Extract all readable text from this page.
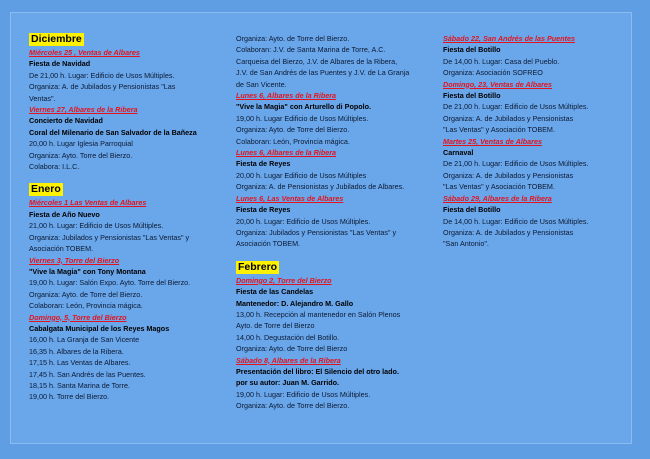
Diciembre
Miércoles 25 , Ventas de Albares
Fiesta de Navidad
De 21,00 h. Lugar: Edificio de Usos Múltiples.
Organiza: A. de Jubilados y Pensionistas "Las
Ventas".
Viernes 27, Albares de la Ribera
Concierto de Navidad
Coral del Milenario de San Salvador de la Bañeza
20,00 h. Lugar Iglesia Parroquial
Organiza: Ayto. Torre del Bierzo.
Colabora: I.L.C.
Enero
Miércoles 1 Las Ventas de Albares
Fiesta de Año Nuevo
21,00 h. Lugar: Edificio de Usos Múltiples.
Organiza: Jubilados y Pensionistas "Las Ventas" y
Asociación TOBEM.
Viernes 3, Torre del Bierzo
"Vive la Magia" con Tony Montana
19,00 h. Lugar: Salón Expo. Ayto. Torre del Bierzo.
Organiza: Ayto. de Torre del Bierzo.
Colaboran: León, Provincia mágica.
Domingo, 5, Torre del Bierzo
Cabalgata Municipal de los Reyes Magos
16,00 h. La Granja de San Vicente
16,35 h. Albares de la Ribera.
17,15 h. Las Ventas de Albares.
17,45 h. San Andrés de las Puentes.
18,15 h. Santa Marina de Torre.
19,00 h. Torre del Bierzo.
Organiza: Ayto. de Torre del Bierzo.
Colaboran: J.V. de Santa Marina de Torre, A.C.
Carqueisa del Bierzo, J.V. de Albares de la Ribera,
J.V. de San Andrés de las Puentes y J.V. de La Granja
de San Vicente.
Lunes 6, Albares de la Ribera
"Vive la Magia" con Arturello di Popolo.
19,00 h. Lugar Edificio de Usos Múltiples.
Organiza: Ayto. de Torre del Bierzo.
Colaboran: León, Provincia mágica.
Lunes 6, Albares de la Ribera
Fiesta de Reyes
20,00 h. Lugar Edificio de Usos Múltiples
Organiza: A. de Pensionistas y Jubilados de Albares.
Lunes 6, Las Ventas de Albares
Fiesta de Reyes
20,00 h. Lugar: Edificio de Usos Múltiples.
Organiza: Jubilados y Pensionistas "Las Ventas" y
Asociación TOBEM.
Febrero
Domingo 2, Torre del Bierzo
Fiesta de las Candelas
Mantenedor: D. Alejandro M. Gallo
13,00 h. Recepción al mantenedor en Salón Plenos
Ayto. de Torre del Bierzo
14,00 h. Degustación del Botillo.
Organiza: Ayto. de Torre del Bierzo
Sábado 8, Albares de la Ribera
Presentación del libro: El Silencio del otro lado.
por su autor: Juan M. Garrido.
19,00 h. Lugar: Edificio de Usos Múltiples.
Organiza: Ayto. de Torre del Bierzo.
Sábado 22, San Andrés de las Puentes
Fiesta del Botillo
De 14,00 h. Lugar: Casa del Pueblo.
Organiza: Asociación SOFREO
Domingo, 23, Ventas de Albares
Fiesta del Botillo
De 21,00 h. Lugar: Edificio de Usos Múltiples.
Organiza: A. de Jubilados y Pensionistas
"Las Ventas" y Asociación TOBEM.
Martes 25, Ventas de Albares
Carnaval
De 21,00 h. Lugar: Edificio de Usos Múltiples.
Organiza: A. de Jubilados y Pensionistas
"Las Ventas" y Asociación TOBEM.
Sábado 29, Albares de la Ribera
Fiesta del Botillo
De 14,00 h. Lugar: Edificio de Usos Múltiples.
Organiza: A. de Jubilados y Pensionistas
"San Antonio".
